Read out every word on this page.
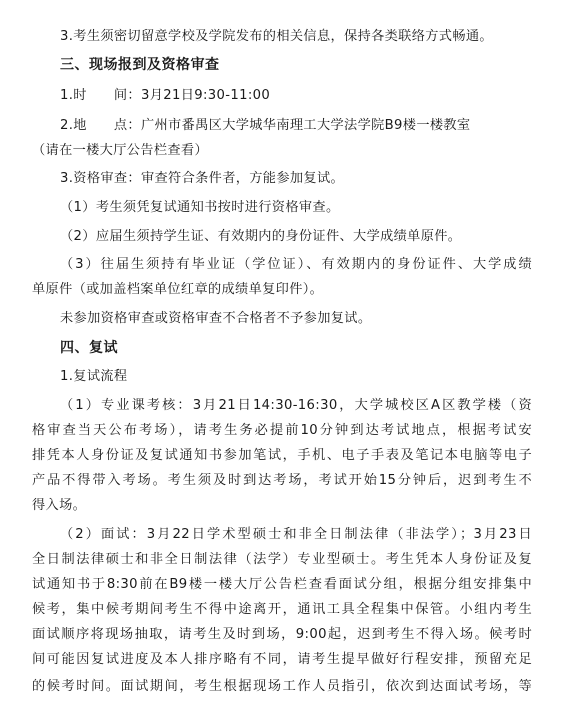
3.考生须密切留意学校及学院发布的相关信息，保持各类联络方式畅通。
三、现场报到及资格审查
1.时　　间：3月21日9:30-11:00
2.地　　点：广州市番禺区大学城华南理工大学法学院B9楼一楼教室
（请在一楼大厅公告栏查看）
3.资格审查：审查符合条件者，方能参加复试。
（1）考生须凭复试通知书按时进行资格审查。
（2）应届生须持学生证、有效期内的身份证件、大学成绩单原件。
（3）往届生须持有毕业证（学位证）、有效期内的身份证件、大学成绩
单原件（或加盖档案单位红章的成绩单复印件）。
未参加资格审查或资格审查不合格者不予参加复试。
四、复试
1.复试流程
（1）专业课考核：3月21日14:30-16:30，大学城校区A区教学楼（资
格审查当天公布考场），请考生务必提前10分钟到达考试地点，根据考试安
排凭本人身份证及复试通知书参加笔试，手机、电子手表及笔记本电脑等电子
产品不得带入考场。考生须及时到达考场，考试开始15分钟后，迟到考生不
得入场。
（2）面试：3月22日学术型硕士和非全日制法律（非法学）；3月23日
全日制法律硕士和非全日制法律（法学）专业型硕士。考生凭本人身份证及复
试通知书于8:30前在B9楼一楼大厅公告栏查看面试分组，根据分组安排集中
候考，集中候考期间考生不得中途离开，通讯工具全程集中保管。小组内考生
面试顺序将现场抽取，请考生及时到场，9:00起，迟到考生不得入场。候考时
间可能因复试进度及本人排序略有不同，请考生提早做好行程安排，预留充足
的候考时间。面试期间，考生根据现场工作人员指引，依次到达面试考场，等
